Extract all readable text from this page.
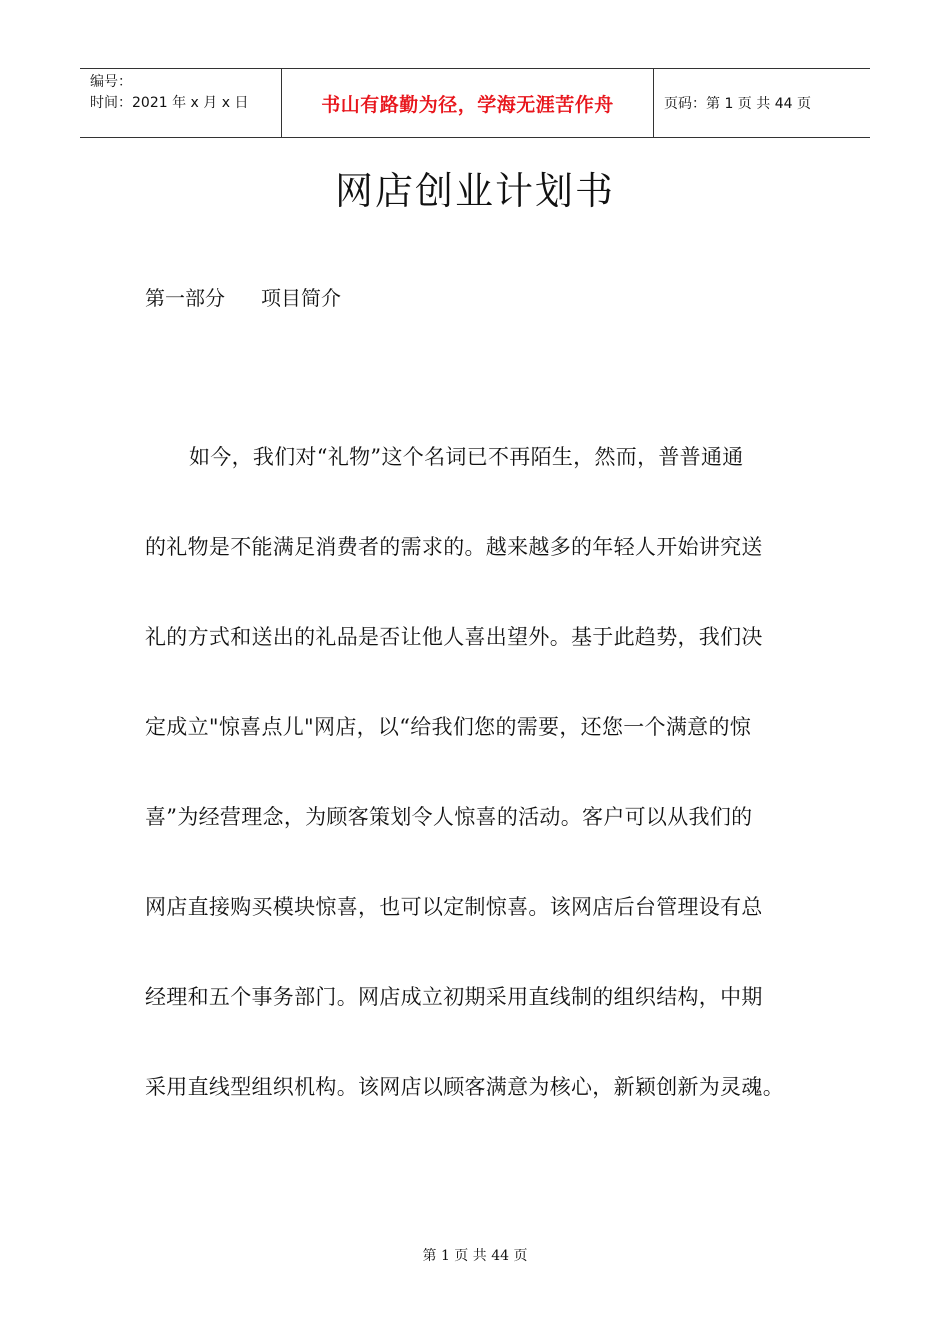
编号：
时间：2021 年 x 月 x 日	书山有路勤为径，学海无涯苦作舟	页码：第 1 页 共 44 页
网店创业计划书
第一部分 项目简介
如今，我们对“礼物”这个名词已不再陌生，然而，普普通通
的礼物是不能满足消费者的需求的。越来越多的年轻人开始讲究送
礼的方式和送出的礼品是否让他人喜出望外。基于此趋势，我们决
定成立"惊喜点儿"网店，以“给我们您的需要，还您一个满意的惊
喜”为经营理念，为顾客策划令人惊喜的活动。客户可以从我们的
网店直接购买模块惊喜，也可以定制惊喜。该网店后台管理设有总
经理和五个事务部门。网店成立初期采用直线制的组织结构，中期
采用直线型组织机构。该网店以顾客满意为核心，新颖创新为灵魂。
第 1 页 共 44 页
